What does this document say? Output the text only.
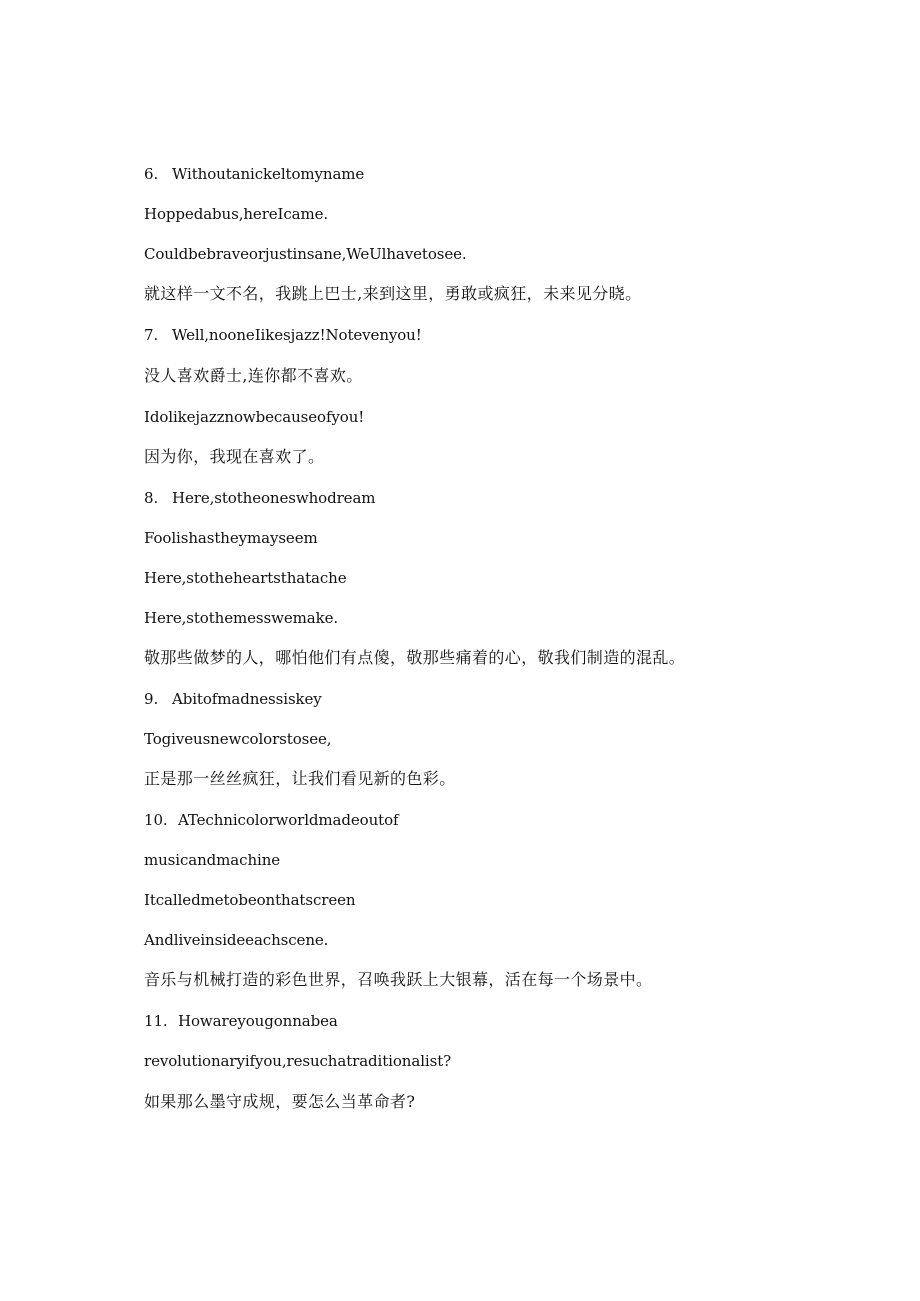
6. Withoutanickeltomyname
Hoppedabus,hereIcame.
Couldbebraveorjustinsane,WeUlhavetosee.
就这样一文不名，我跳上巴士,来到这里，勇敢或疯狂，未来见分晓。
7. Well,nooneIikesjazz!Notevenyou!
没人喜欢爵士,连你都不喜欢。
Idolikejazznowbecauseofyou!
因为你，我现在喜欢了。
8. Here,stotheoneswhodream
Foolishastheymayseem
Here,stotheheartsthatache
Here,stothemesswemake.
敬那些做梦的人，哪怕他们有点傻，敬那些痛着的心，敬我们制造的混乱。
9. Abitofmadnessiskey
Togiveusnewcolorstosee,
正是那一丝丝疯狂，让我们看见新的色彩。
10. ATechnicolorworldmadeoutof
musicandmachine
Itcalledmetobeonthatscreen
Andliveinsideeachscene.
音乐与机械打造的彩色世界，召唤我跃上大银幕，活在每一个场景中。
11. Howareyougonnabea
revolutionaryifyou,resuchatraditionalist?
如果那么墨守成规，要怎么当革命者?
